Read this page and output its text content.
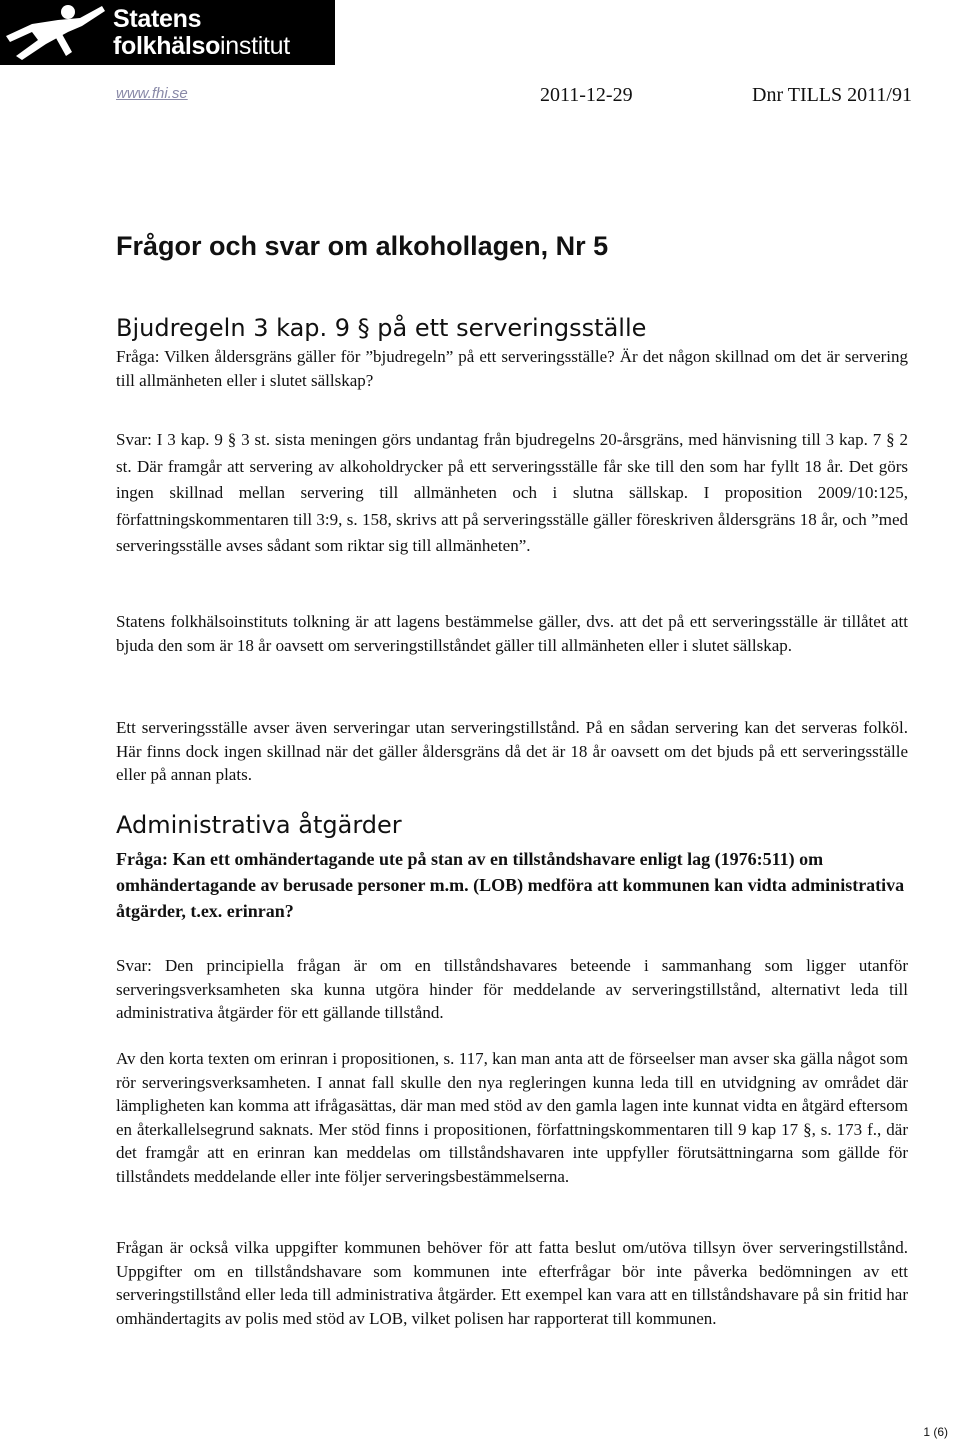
Statens
folkhälsoinstitut
www.fhi.se	2011-12-29	Dnr TILLS 2011/91
Frågor och svar om alkohollagen, Nr 5
Bjudregeln 3 kap. 9 § på ett serveringsställe

Fråga: Vilken åldersgräns gäller för ”bjudregeln” på ett serveringsställe? Är det någon skillnad om det är servering till allmänheten eller i slutet sällskap?

Svar: I 3 kap. 9 § 3 st. sista meningen görs undantag från bjudregelns 20-årsgräns, med hänvisning till 3 kap. 7 § 2 st. Där framgår att servering av alkoholdrycker på ett serveringsställe får ske till den som har fyllt 18 år. Det görs ingen skillnad mellan servering till allmänheten och i slutna sällskap. I proposition 2009/10:125, författningskommentaren till 3:9, s. 158, skrivs att på serveringsställe gäller föreskriven åldersgräns 18 år, och ”med serveringsställe avses sådant som riktar sig till allmänheten”.

Statens folkhälsoinstituts tolkning är att lagens bestämmelse gäller, dvs. att det på ett serveringsställe är tillåtet att bjuda den som är 18 år oavsett om serveringstillståndet gäller till allmänheten eller i slutet sällskap.

Ett serveringsställe avser även serveringar utan serveringstillstånd. På en sådan servering kan det serveras folköl. Här finns dock ingen skillnad när det gäller åldersgräns då det är 18 år oavsett om det bjuds på ett serveringsställe eller på annan plats.

Administrativa åtgärder

Fråga: Kan ett omhändertagande ute på stan av en tillståndshavare enligt lag (1976:511) om omhändertagande av berusade personer m.m. (LOB) medföra att kommunen kan vidta administrativa åtgärder, t.ex. erinran?

Svar: Den principiella frågan är om en tillståndshavares beteende i sammanhang som ligger utanför serveringsverksamheten ska kunna utgöra hinder för meddelande av serveringstillstånd, alternativt leda till administrativa åtgärder för ett gällande tillstånd.

Av den korta texten om erinran i propositionen, s. 117, kan man anta att de förseelser man avser ska gälla något som rör serveringsverksamheten. I annat fall skulle den nya regleringen kunna leda till en utvidgning av området där lämpligheten kan komma att ifrågasättas, där man med stöd av den gamla lagen inte kunnat vidta en åtgärd eftersom en återkallelsegrund saknats. Mer stöd finns i propositionen, författningskommentaren till 9 kap 17 §, s. 173 f., där det framgår att en erinran kan meddelas om tillståndshavaren inte uppfyller förutsättningarna som gällde för tillståndets meddelande eller inte följer serveringsbestämmelserna.

Frågan är också vilka uppgifter kommunen behöver för att fatta beslut om/utöva tillsyn över serveringstillstånd. Uppgifter om en tillståndshavare som kommunen inte efterfrågar bör inte påverka bedömningen av ett serveringstillstånd eller leda till administrativa åtgärder. Ett exempel kan vara att en tillståndshavare på sin fritid har omhändertagits av polis med stöd av LOB, vilket polisen har rapporterat till kommunen.

1 (6)
